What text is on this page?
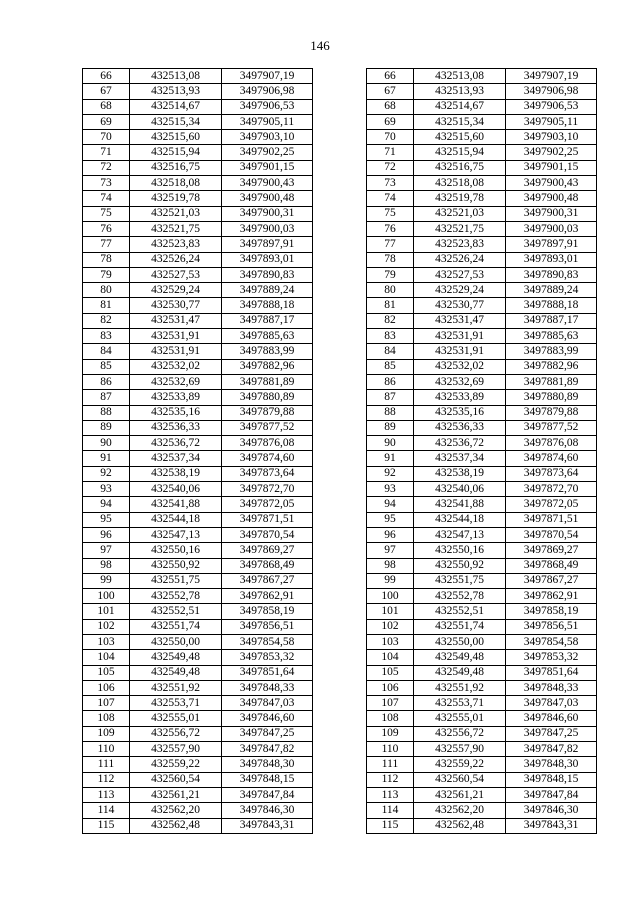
146
66	432513,08	3497907,19		66	432513,08	3497907,19
67	432513,93	3497906,98		67	432513,93	3497906,98
68	432514,67	3497906,53		68	432514,67	3497906,53
69	432515,34	3497905,11		69	432515,34	3497905,11
70	432515,60	3497903,10		70	432515,60	3497903,10
71	432515,94	3497902,25		71	432515,94	3497902,25
72	432516,75	3497901,15		72	432516,75	3497901,15
73	432518,08	3497900,43		73	432518,08	3497900,43
74	432519,78	3497900,48		74	432519,78	3497900,48
75	432521,03	3497900,31		75	432521,03	3497900,31
76	432521,75	3497900,03		76	432521,75	3497900,03
77	432523,83	3497897,91		77	432523,83	3497897,91
78	432526,24	3497893,01		78	432526,24	3497893,01
79	432527,53	3497890,83		79	432527,53	3497890,83
80	432529,24	3497889,24		80	432529,24	3497889,24
81	432530,77	3497888,18		81	432530,77	3497888,18
82	432531,47	3497887,17		82	432531,47	3497887,17
83	432531,91	3497885,63		83	432531,91	3497885,63
84	432531,91	3497883,99		84	432531,91	3497883,99
85	432532,02	3497882,96		85	432532,02	3497882,96
86	432532,69	3497881,89		86	432532,69	3497881,89
87	432533,89	3497880,89		87	432533,89	3497880,89
88	432535,16	3497879,88		88	432535,16	3497879,88
89	432536,33	3497877,52		89	432536,33	3497877,52
90	432536,72	3497876,08		90	432536,72	3497876,08
91	432537,34	3497874,60		91	432537,34	3497874,60
92	432538,19	3497873,64		92	432538,19	3497873,64
93	432540,06	3497872,70		93	432540,06	3497872,70
94	432541,88	3497872,05		94	432541,88	3497872,05
95	432544,18	3497871,51		95	432544,18	3497871,51
96	432547,13	3497870,54		96	432547,13	3497870,54
97	432550,16	3497869,27		97	432550,16	3497869,27
98	432550,92	3497868,49		98	432550,92	3497868,49
99	432551,75	3497867,27		99	432551,75	3497867,27
100	432552,78	3497862,91		100	432552,78	3497862,91
101	432552,51	3497858,19		101	432552,51	3497858,19
102	432551,74	3497856,51		102	432551,74	3497856,51
103	432550,00	3497854,58		103	432550,00	3497854,58
104	432549,48	3497853,32		104	432549,48	3497853,32
105	432549,48	3497851,64		105	432549,48	3497851,64
106	432551,92	3497848,33		106	432551,92	3497848,33
107	432553,71	3497847,03		107	432553,71	3497847,03
108	432555,01	3497846,60		108	432555,01	3497846,60
109	432556,72	3497847,25		109	432556,72	3497847,25
110	432557,90	3497847,82		110	432557,90	3497847,82
111	432559,22	3497848,30		111	432559,22	3497848,30
112	432560,54	3497848,15		112	432560,54	3497848,15
113	432561,21	3497847,84		113	432561,21	3497847,84
114	432562,20	3497846,30		114	432562,20	3497846,30
115	432562,48	3497843,31		115	432562,48	3497843,31
